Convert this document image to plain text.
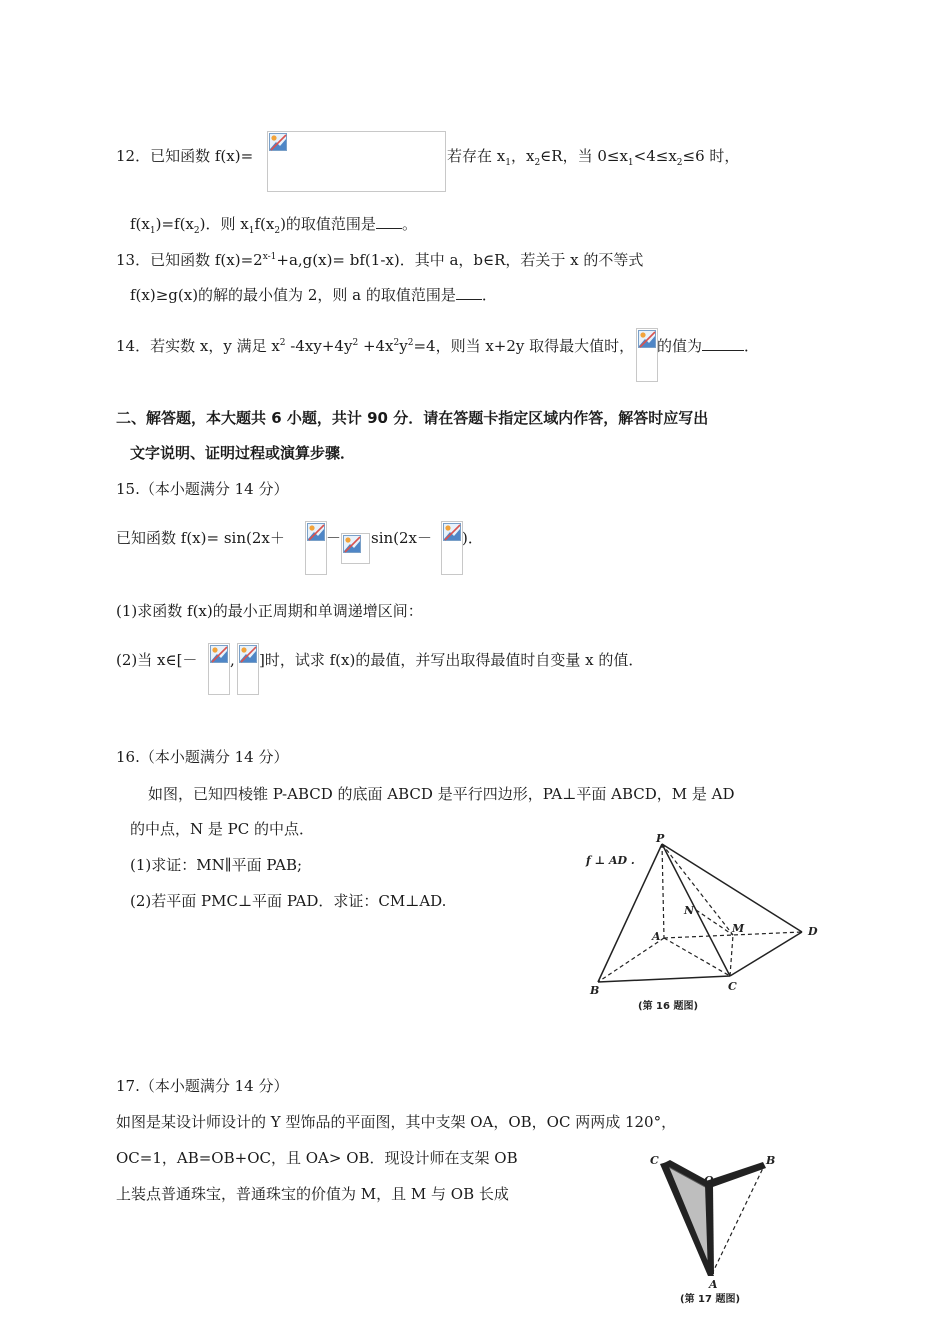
12．已知函数 f(x)=	若存在 $x_1$，$x_2\in R$，当 $0\le x_1<4\le x_2\le 6$ 时，
$f(x_1)=f(x_2)$．则 $x_1f(x_2)$的取值范围是 。
13．已知函数 $f(x)=2^{x-1}+a,g(x)= bf(1-x)$．其中 a，b∈R，若关于 x 的不等式
f(x)≥g(x)的解的最小值为 2，则 a 的取值范围是 ．
14．若实数 x，y 满足 $x^2$ $-4xy+4y^2 +4x^2y^2=4$，则当 x+2y 取得最大值时， 的值为	．
二、解答题，本大题共 6 小题，共计 90 分．请在答题卡指定区域内作答，解答时应写出
文字说明、证明过程或演算步骤．
15.（本小题满分 14 分）
已知函数 f(x)= sin(2x＋	－ sin(2x－ )．
(1)求函数 f(x)的最小正周期和单调递增区间：
(2)当 x∈[－ , ]时，试求 f(x)的最值，并写出取得最值时自变量 x 的值．
16.（本小题满分 14 分）
如图，已知四棱锥 P-ABCD 的底面 ABCD 是平行四边形，PA⊥平面 ABCD，M 是 AD
的中点，N 是 PC 的中点．
(1)求证：MN∥平面 PAB;
(2)若平面 PMC⊥平面 PAD．求证：CM⊥AD.
f ⊥ AD .
P
A
B	C
D
M
N
(第 16 题图)
17.（本小题满分 14 分）
如图是某设计师设计的 Y 型饰品的平面图，其中支架 OA，OB，OC 两两成 120°，
OC=1，AB=OB+OC，且 OA> OB．现设计师在支架 OB
上装点普通珠宝，普通珠宝的价值为 M，且 M 与 OB 长成
C
O
B
A
(第 17 题图)
